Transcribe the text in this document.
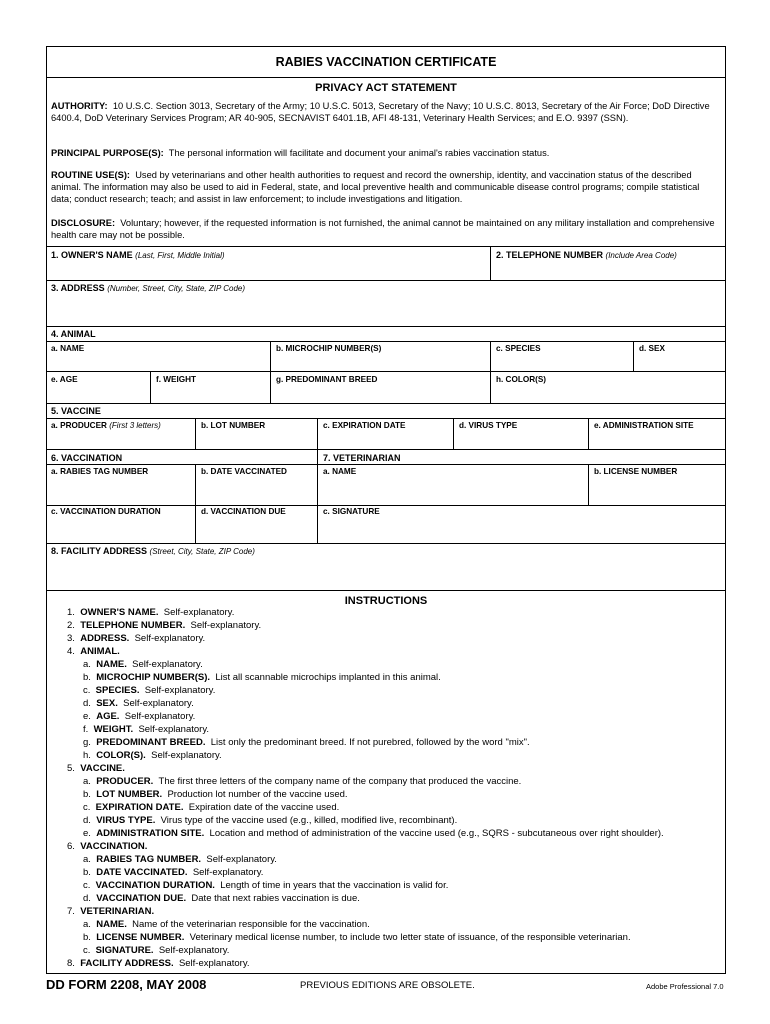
RABIES VACCINATION CERTIFICATE
PRIVACY ACT STATEMENT
AUTHORITY: 10 U.S.C. Section 3013, Secretary of the Army; 10 U.S.C. 5013, Secretary of the Navy; 10 U.S.C. 8013, Secretary of the Air Force; DoD Directive 6400.4, DoD Veterinary Services Program; AR 40-905, SECNAVIST 6401.1B, AFI 48-131, Veterinary Health Services; and E.O. 9397 (SSN).
PRINCIPAL PURPOSE(S): The personal information will facilitate and document your animal's rabies vaccination status.
ROUTINE USE(S): Used by veterinarians and other health authorities to request and record the ownership, identity, and vaccination status of the described animal. The information may also be used to aid in Federal, state, and local preventive health and communicable disease control programs; compile statistical data; conduct research; teach; and assist in law enforcement; to include investigations and litigation.
DISCLOSURE: Voluntary; however, if the requested information is not furnished, the animal cannot be maintained on any military installation and comprehensive health care may not be possible.
1. OWNER'S NAME (Last, First, Middle Initial)	2. TELEPHONE NUMBER (Include Area Code)
3. ADDRESS (Number, Street, City, State, ZIP Code)
4. ANIMAL
a. NAME	b. MICROCHIP NUMBER(S)	c. SPECIES	d. SEX
e. AGE	f. WEIGHT	g. PREDOMINANT BREED	h. COLOR(S)
5. VACCINE
a. PRODUCER (First 3 letters)	b. LOT NUMBER	c. EXPIRATION DATE	d. VIRUS TYPE	e. ADMINISTRATION SITE
6. VACCINATION	7. VETERINARIAN
a. RABIES TAG NUMBER	b. DATE VACCINATED	a. NAME	b. LICENSE NUMBER
c. VACCINATION DURATION	d. VACCINATION DUE	c. SIGNATURE
8. FACILITY ADDRESS (Street, City, State, ZIP Code)
INSTRUCTIONS
1. OWNER'S NAME. Self-explanatory.
2. TELEPHONE NUMBER. Self-explanatory.
3. ADDRESS. Self-explanatory.
4. ANIMAL.
a. NAME. Self-explanatory.
b. MICROCHIP NUMBER(S). List all scannable microchips implanted in this animal.
c. SPECIES. Self-explanatory.
d. SEX. Self-explanatory.
e. AGE. Self-explanatory.
f. WEIGHT. Self-explanatory.
g. PREDOMINANT BREED. List only the predominant breed. If not purebred, followed by the word "mix".
h. COLOR(S). Self-explanatory.
5. VACCINE.
a. PRODUCER. The first three letters of the company name of the company that produced the vaccine.
b. LOT NUMBER. Production lot number of the vaccine used.
c. EXPIRATION DATE. Expiration date of the vaccine used.
d. VIRUS TYPE. Virus type of the vaccine used (e.g., killed, modified live, recombinant).
e. ADMINISTRATION SITE. Location and method of administration of the vaccine used (e.g., SQRS - subcutaneous over right shoulder).
6. VACCINATION.
a. RABIES TAG NUMBER. Self-explanatory.
b. DATE VACCINATED. Self-explanatory.
c. VACCINATION DURATION. Length of time in years that the vaccination is valid for.
d. VACCINATION DUE. Date that next rabies vaccination is due.
7. VETERINARIAN.
a. NAME. Name of the veterinarian responsible for the vaccination.
b. LICENSE NUMBER. Veterinary medical license number, to include two letter state of issuance, of the responsible veterinarian.
c. SIGNATURE. Self-explanatory.
8. FACILITY ADDRESS. Self-explanatory.
DD FORM 2208, MAY 2008	PREVIOUS EDITIONS ARE OBSOLETE.	Adobe Professional 7.0
